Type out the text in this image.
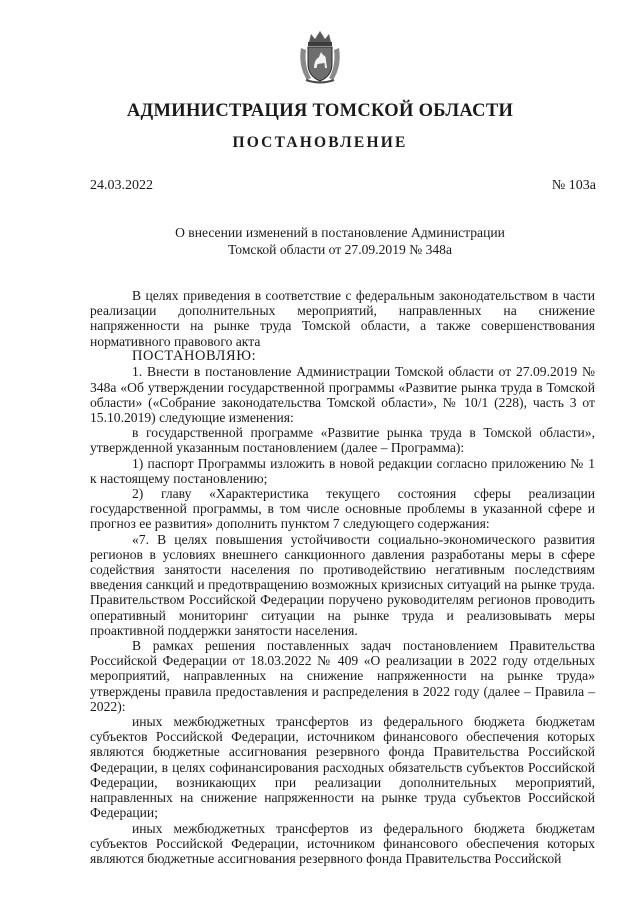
АДМИНИСТРАЦИЯ ТОМСКОЙ ОБЛАСТИ
ПОСТАНОВЛЕНИЕ
24.03.2022	№ 103а
О внесении изменений в постановление Администрации
Томской области от 27.09.2019 № 348а

В целях приведения в соответствие с федеральным законодательством в части реализации дополнительных мероприятий, направленных на снижение напряженности на рынке труда Томской области, а также совершенствования нормативного правового акта

ПОСТАНОВЛЯЮ:

1. Внести в постановление Администрации Томской области от 27.09.2019 № 348а «Об утверждении государственной программы «Развитие рынка труда в Томской области» («Собрание законодательства Томской области», № 10/1 (228), часть 3 от 15.10.2019) следующие изменения:

в государственной программе «Развитие рынка труда в Томской области», утвержденной указанным постановлением (далее – Программа):

1) паспорт Программы изложить в новой редакции согласно приложению № 1 к настоящему постановлению;

2) главу «Характеристика текущего состояния сферы реализации государственной программы, в том числе основные проблемы в указанной сфере и прогноз ее развития» дополнить пунктом 7 следующего содержания:

«7. В целях повышения устойчивости социально-экономического развития регионов в условиях внешнего санкционного давления разработаны меры в сфере содействия занятости населения по противодействию негативным последствиям введения санкций и предотвращению возможных кризисных ситуаций на рынке труда. Правительством Российской Федерации поручено руководителям регионов проводить оперативный мониторинг ситуации на рынке труда и реализовывать меры проактивной поддержки занятости населения.

В рамках решения поставленных задач постановлением Правительства Российской Федерации от 18.03.2022 № 409 «О реализации в 2022 году отдельных мероприятий, направленных на снижение напряженности на рынке труда» утверждены правила предоставления и распределения в 2022 году (далее – Правила – 2022):

иных межбюджетных трансфертов из федерального бюджета бюджетам субъектов Российской Федерации, источником финансового обеспечения которых являются бюджетные ассигнования резервного фонда Правительства Российской Федерации, в целях софинансирования расходных обязательств субъектов Российской Федерации, возникающих при реализации дополнительных мероприятий, направленных на снижение напряженности на рынке труда субъектов Российской Федерации;

иных межбюджетных трансфертов из федерального бюджета бюджетам субъектов Российской Федерации, источником финансового обеспечения которых являются бюджетные ассигнования резервного фонда Правительства Российской
